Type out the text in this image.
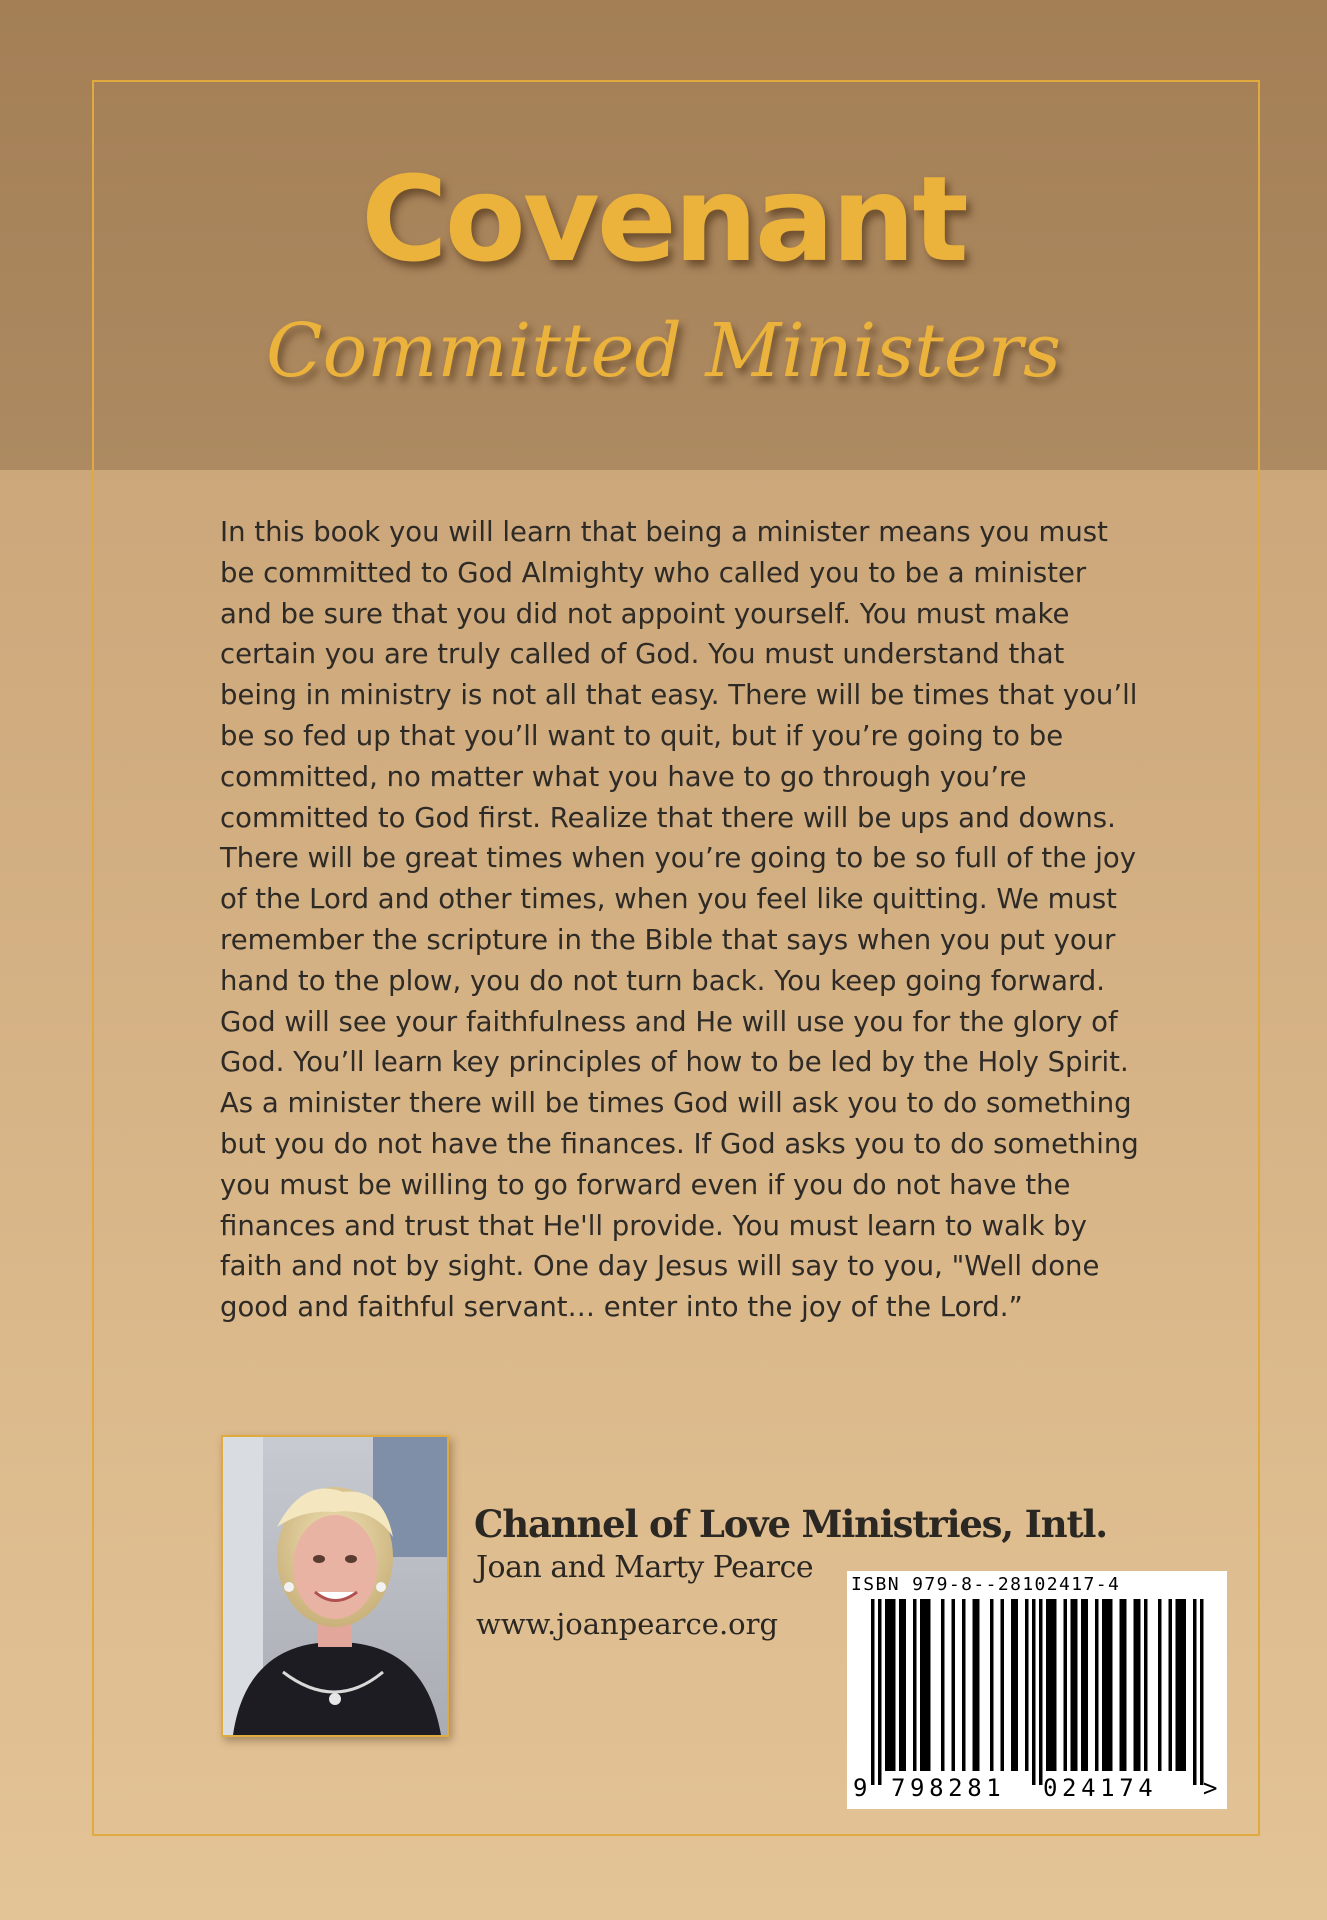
Covenant
Committed Ministers

In this book you will learn that being a minister means you must be committed to God Almighty who called you to be a minister and be sure that you did not appoint yourself. You must make certain you are truly called of God. You must understand that being in ministry is not all that easy. There will be times that you’ll be so fed up that you’ll want to quit, but if you’re going to be committed, no matter what you have to go through you’re committed to God first. Realize that there will be ups and downs. There will be great times when you’re going to be so full of the joy of the Lord and other times, when you feel like quitting. We must remember the scripture in the Bible that says when you put your hand to the plow, you do not turn back. You keep going forward. God will see your faithfulness and He will use you for the glory of God. You’ll learn key principles of how to be led by the Holy Spirit. As a minister there will be times God will ask you to do something but you do not have the finances. If God asks you to do something you must be willing to go forward even if you do not have the finances and trust that He'll provide. You must learn to walk by faith and not by sight. One day Jesus will say to you, "Well done good and faithful servant… enter into the joy of the Lord.”

Channel of Love Ministries, Intl.
Joan and Marty Pearce
www.joanpearce.org
ISBN 979-8--28102417-4
9 798281 024174 >
